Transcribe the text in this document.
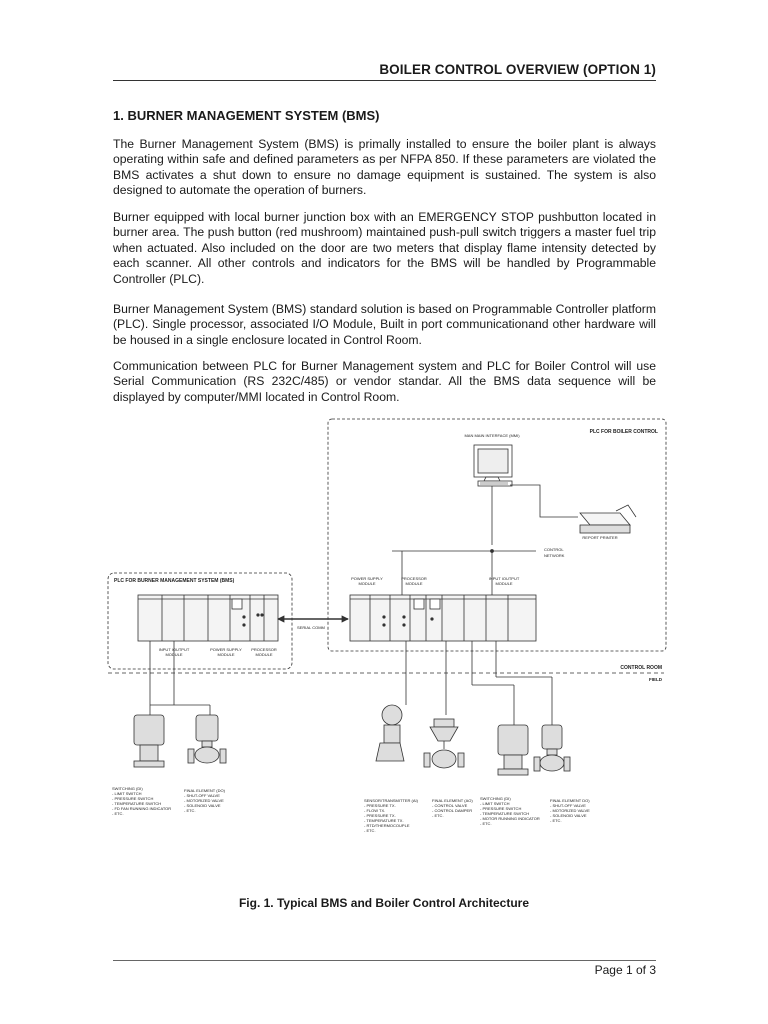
BOILER CONTROL OVERVIEW (OPTION 1)
1. BURNER MANAGEMENT SYSTEM (BMS)

The Burner Management System (BMS) is primally installed to ensure the boiler plant is always operating within safe and defined parameters as per NFPA 850. If these parameters are violated the BMS activates a shut down to ensure no damage equipment is sustained. The system is also designed to automate the operation of burners.

Burner equipped with local burner junction box with an EMERGENCY STOP pushbutton located in burner area. The push button (red mushroom) maintained push-pull switch triggers a master fuel trip when actuated. Also included on the door are two meters that display flame intensity detected by each scanner. All other controls and indicators for the BMS will be handled by Programmable Controller (PLC).

Burner Management System (BMS) standard solution is based on Programmable Controller platform (PLC). Single processor, associated I/O Module, Built in port communicationand other hardware will be housed in a single enclosure located in Control Room.

Communication between PLC for Burner Management system and PLC for Boiler Control will use Serial Communication (RS 232C/485) or vendor standar. All the BMS data sequence will be displayed by computer/MMI located in Control Room.

PLC FOR BOILER CONTROL
MAN MAIN INTERFACE (MMI)
REPORT PRINTER
CONTROL
NETWORK
POWER SUPPLY
MODULE
PROCESSOR
MODULE
INPUT IOUTPUT
MODULE
PLC FOR BURNER MANAGEMENT SYSTEM (BMS)
SERIAL COMM
INPUT IOUTPUT
MODULE
POWER SUPPLY
MODULE
PROCESSOR
MODULE
CONTROL ROOM
FIELD
SWITCHING (DI)
- LIMIT SWITCH
- PRESSURE SWITCH
- TEMPERATURE SWITCH
- FD FAN RUNNING INDICATOR
- ETC.
FINAL ELEMENT (DO)
- SHUT-OFF VALVE
- MOTORIZED VALVE
- SOLENOID VALVE
- ETC.
SENSOR/TRANSMITTER (AI)
- PRESSURE TX.
- FLOW TX.
- PRESSURE TX.
- TEMPERATURE TX.
- RTD/THERMOCOUPLE
- ETC.
FINAL ELEMENT (AO)
- CONTROL VALVE
- CONTROL DAMPER
- ETC.
SWITCHING (DI)
- LIMIT SWITCH
- PRESSURE SWITCH
- TEMPERATURE SWITCH
- MOTOR RUNNING INDICATOR
- ETC.
FINAL ELEMENT DO)
- SHUT-OFF VALVE
- MOTORIZED VALVE
- SOLENOID VALVE
- ETC.
Fig. 1. Typical BMS and Boiler Control Architecture
Page 1 of 3
